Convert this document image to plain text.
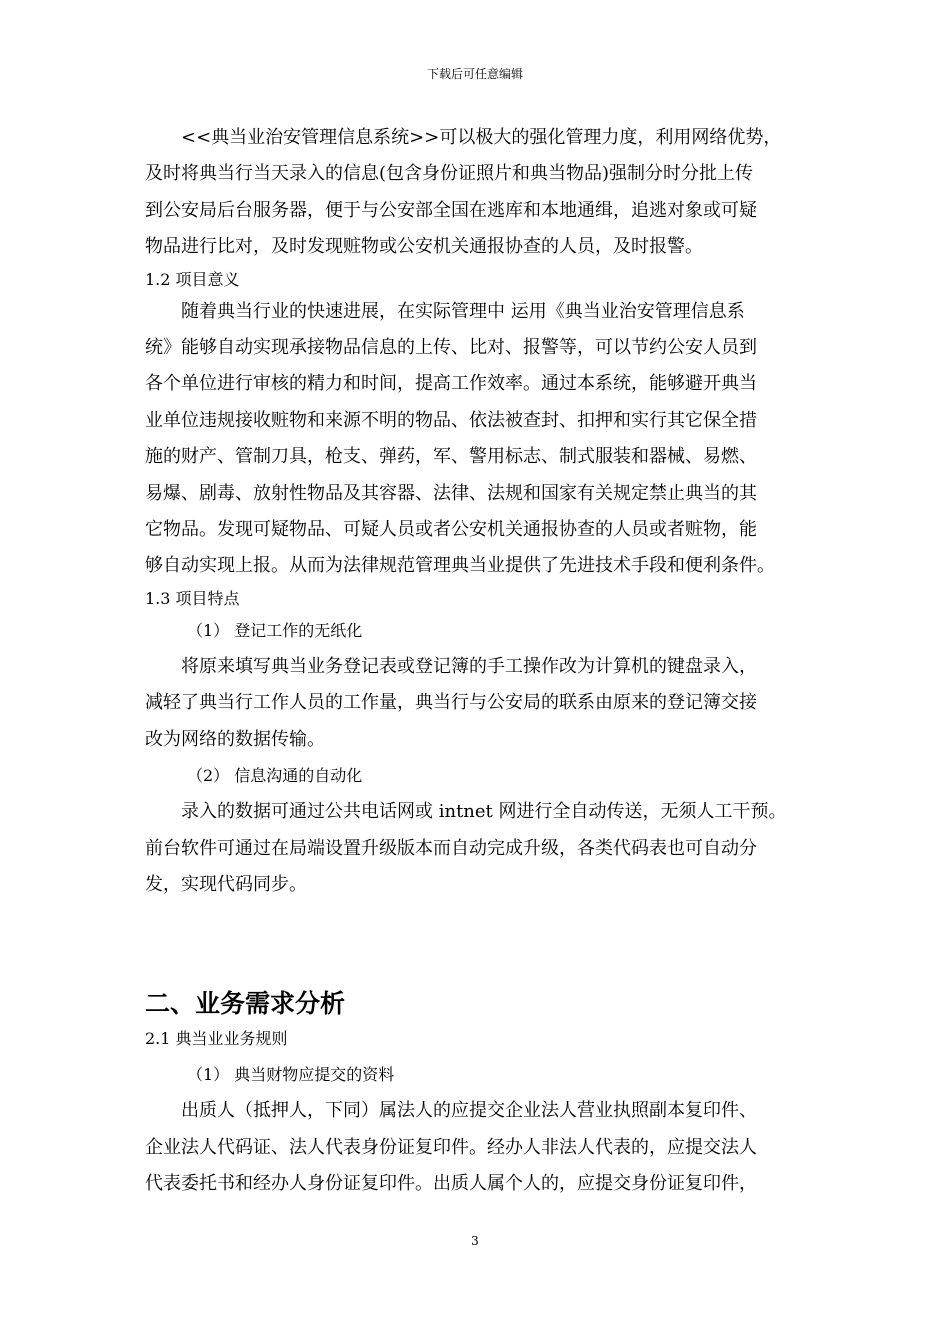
下载后可任意编辑

<<典当业治安管理信息系统>>可以极大的强化管理力度，利用网络优势，

及时将典当行当天录入的信息(包含身份证照片和典当物品)强制分时分批上传

到公安局后台服务器，便于与公安部全国在逃库和本地通缉，追逃对象或可疑

物品进行比对，及时发现赃物或公安机关通报协查的人员，及时报警。

1.2 项目意义

随着典当行业的快速进展，在实际管理中 运用《典当业治安管理信息系

统》能够自动实现承接物品信息的上传、比对、报警等，可以节约公安人员到

各个单位进行审核的精力和时间，提高工作效率。通过本系统，能够避开典当

业单位违规接收赃物和来源不明的物品、依法被查封、扣押和实行其它保全措

施的财产、管制刀具，枪支、弹药，军、警用标志、制式服装和器械、易燃、

易爆、剧毒、放射性物品及其容器、法律、法规和国家有关规定禁止典当的其

它物品。发现可疑物品、可疑人员或者公安机关通报协查的人员或者赃物，能

够自动实现上报。从而为法律规范管理典当业提供了先进技术手段和便利条件。

1.3 项目特点

（1） 登记工作的无纸化

将原来填写典当业务登记表或登记簿的手工操作改为计算机的键盘录入，

减轻了典当行工作人员的工作量，典当行与公安局的联系由原来的登记簿交接

改为网络的数据传输。

（2） 信息沟通的自动化

录入的数据可通过公共电话网或 intnet 网进行全自动传送，无须人工干预。

前台软件可通过在局端设置升级版本而自动完成升级，各类代码表也可自动分

发，实现代码同步。

二、业务需求分析

2.1 典当业业务规则

（1） 典当财物应提交的资料

出质人（抵押人，下同）属法人的应提交企业法人营业执照副本复印件、

企业法人代码证、法人代表身份证复印件。经办人非法人代表的，应提交法人

代表委托书和经办人身份证复印件。出质人属个人的，应提交身份证复印件，

3
